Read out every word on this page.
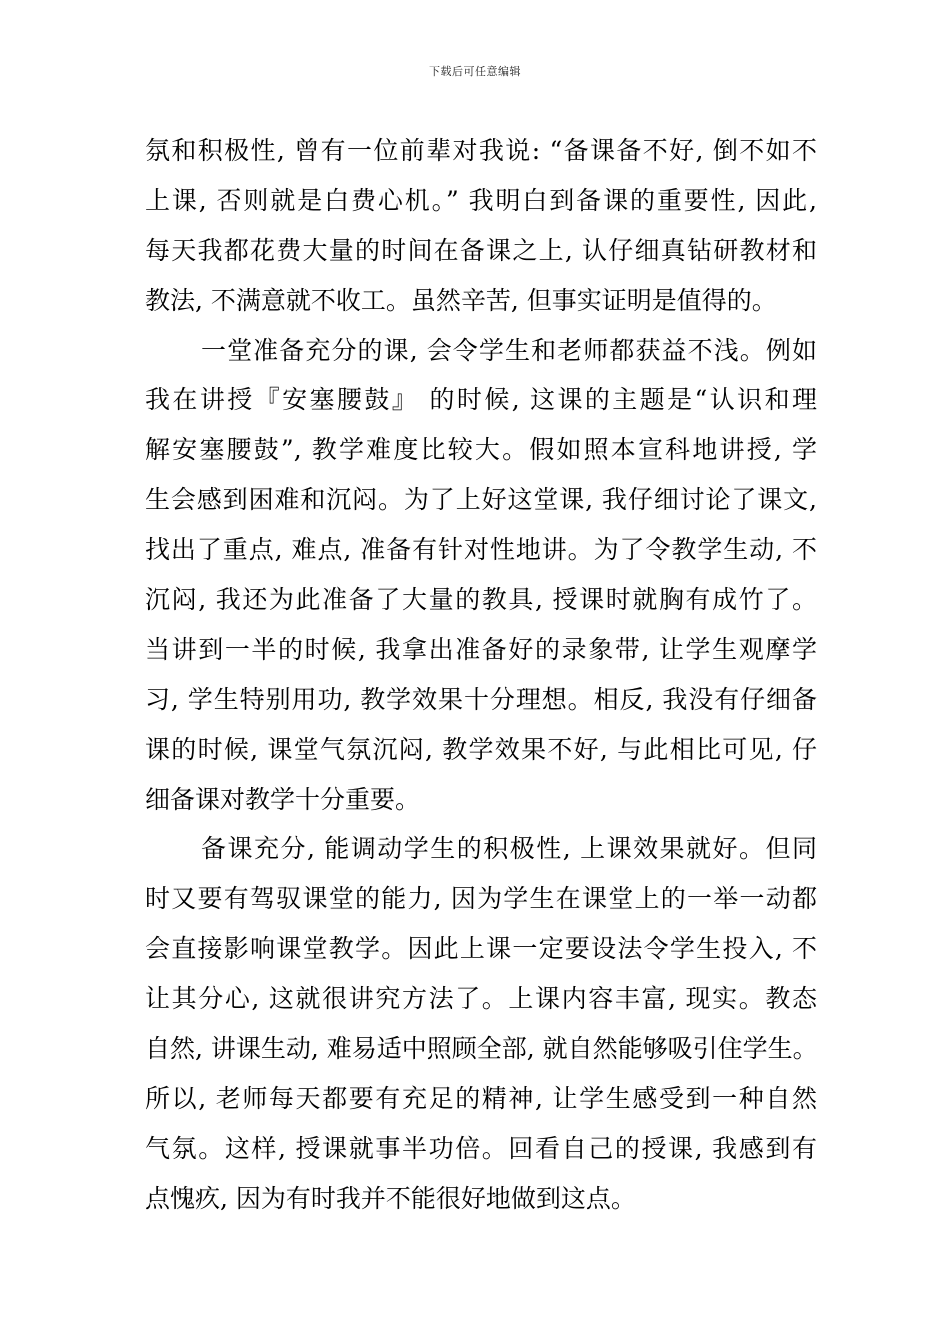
下载后可任意编辑
氛和积极性, 曾有一位前辈对我说: “备课备不好, 倒不如不
上课, 否则就是白费心机。” 我明白到备课的重要性, 因此,
每天我都花费大量的时间在备课之上, 认仔细真钻研教材和
教法, 不满意就不收工。虽然辛苦, 但事实证明是值得的。
一堂准备充分的课, 会令学生和老师都获益不浅。例如
我在讲授『安塞腰鼓』 的时候, 这课的主题是“认识和理
解安塞腰鼓”, 教学难度比较大。假如照本宣科地讲授, 学
生会感到困难和沉闷。为了上好这堂课, 我仔细讨论了课文,
找出了重点, 难点, 准备有针对性地讲。为了令教学生动, 不
沉闷, 我还为此准备了大量的教具, 授课时就胸有成竹了。
当讲到一半的时候, 我拿出准备好的录象带, 让学生观摩学
习, 学生特别用功, 教学效果十分理想。相反, 我没有仔细备
课的时候, 课堂气氛沉闷, 教学效果不好, 与此相比可见, 仔
细备课对教学十分重要。
备课充分, 能调动学生的积极性, 上课效果就好。但同
时又要有驾驭课堂的能力, 因为学生在课堂上的一举一动都
会直接影响课堂教学。因此上课一定要设法令学生投入, 不
让其分心, 这就很讲究方法了。上课内容丰富, 现实。教态
自然, 讲课生动, 难易适中照顾全部, 就自然能够吸引住学生。
所以, 老师每天都要有充足的精神, 让学生感受到一种自然
气氛。这样, 授课就事半功倍。回看自己的授课, 我感到有
点愧疚, 因为有时我并不能很好地做到这点。
